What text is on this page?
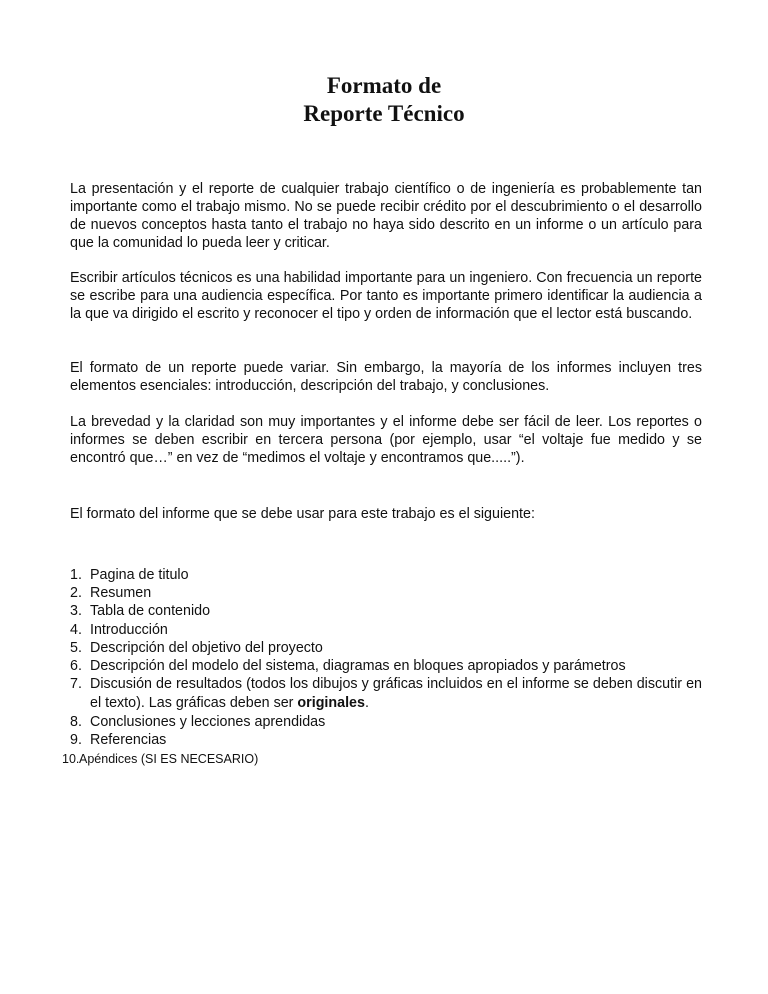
Formato de
Reporte Técnico

La presentación y el reporte de cualquier trabajo científico o de ingeniería es probablemente tan importante como el trabajo mismo. No se puede recibir crédito por el descubrimiento o el desarrollo de nuevos conceptos hasta tanto el trabajo no haya sido descrito en un informe o un artículo para que la comunidad lo pueda leer y criticar.

Escribir artículos técnicos es una habilidad importante para un ingeniero. Con frecuencia un reporte se escribe para una audiencia específica. Por tanto es importante primero identificar la audiencia a la que va dirigido el escrito y reconocer el tipo y orden de información que el lector está buscando.

El formato de un reporte puede variar. Sin embargo, la mayoría de los informes incluyen tres elementos esenciales: introducción, descripción del trabajo, y conclusiones.

La brevedad y la claridad son muy importantes y el informe debe ser fácil de leer. Los reportes o informes se deben escribir en tercera persona (por ejemplo, usar “el voltaje fue medido y se encontró que…” en vez de “medimos el voltaje y encontramos que.....”).

El formato del informe que se debe usar para este trabajo es el siguiente:

1. Pagina de titulo
2. Resumen
3. Tabla de contenido
4. Introducción
5. Descripción del objetivo del proyecto
6. Descripción del modelo del sistema, diagramas en bloques apropiados y parámetros
7. Discusión de resultados (todos los dibujos y gráficas incluidos en el informe se deben discutir en el texto). Las gráficas deben ser originales.
8. Conclusiones y lecciones aprendidas
9. Referencias
10. Apéndices (SI ES NECESARIO)
